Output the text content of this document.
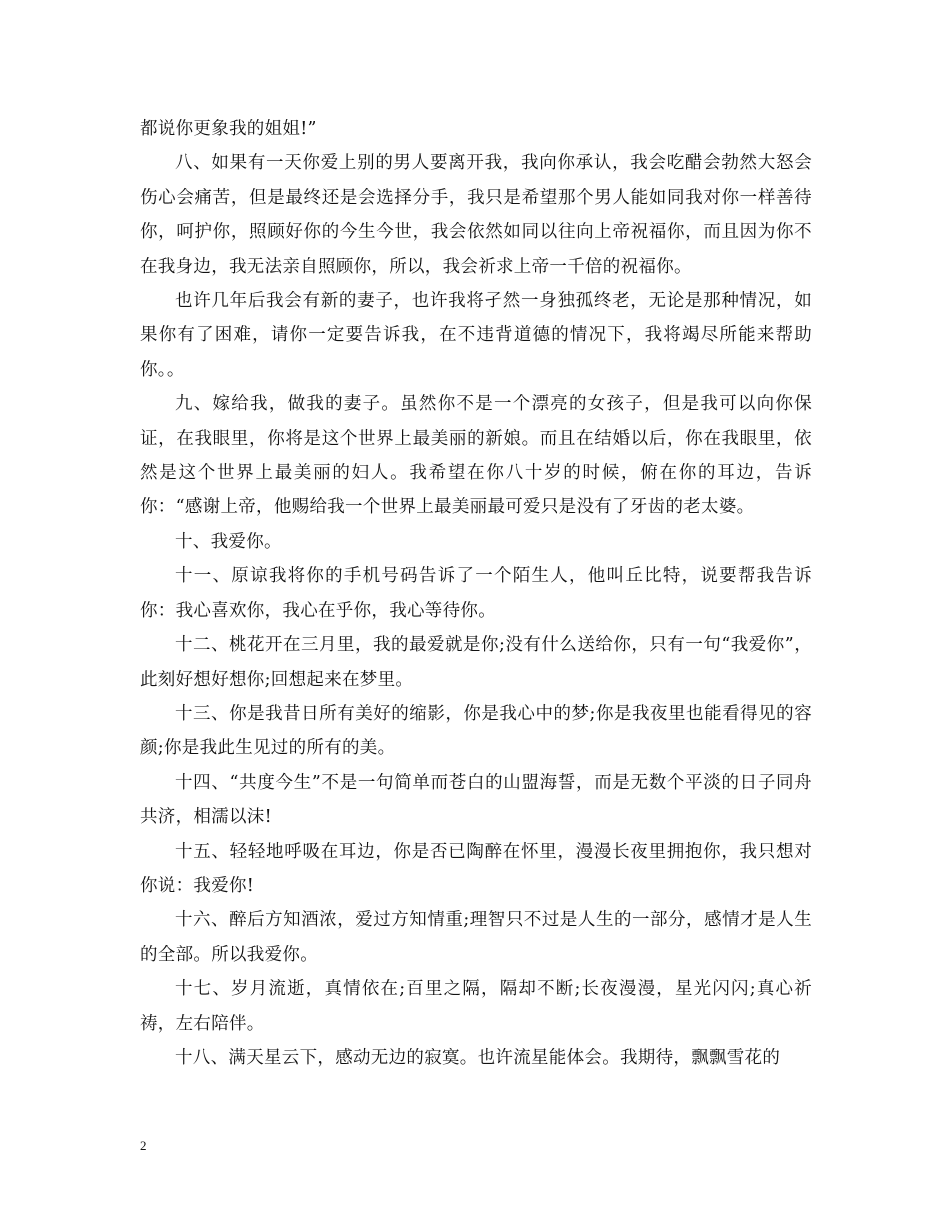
都说你更象我的姐姐!”

八、如果有一天你爱上别的男人要离开我，我向你承认，我会吃醋会勃然大怒会伤心会痛苦，但是最终还是会选择分手，我只是希望那个男人能如同我对你一样善待你，呵护你，照顾好你的今生今世，我会依然如同以往向上帝祝福你，而且因为你不在我身边，我无法亲自照顾你，所以，我会祈求上帝一千倍的祝福你。

也许几年后我会有新的妻子，也许我将孑然一身独孤终老，无论是那种情况，如果你有了困难，请你一定要告诉我，在不违背道德的情况下，我将竭尽所能来帮助你。。

九、嫁给我，做我的妻子。虽然你不是一个漂亮的女孩子，但是我可以向你保证，在我眼里，你将是这个世界上最美丽的新娘。而且在结婚以后，你在我眼里，依然是这个世界上最美丽的妇人。我希望在你八十岁的时候，俯在你的耳边，告诉你：“感谢上帝，他赐给我一个世界上最美丽最可爱只是没有了牙齿的老太婆。

十、我爱你。

十一、原谅我将你的手机号码告诉了一个陌生人，他叫丘比特，说要帮我告诉你：我心喜欢你，我心在乎你，我心等待你。

十二、桃花开在三月里，我的最爱就是你;没有什么送给你，只有一句“我爱你”，此刻好想好想你;回想起来在梦里。

十三、你是我昔日所有美好的缩影，你是我心中的梦;你是我夜里也能看得见的容颜;你是我此生见过的所有的美。

十四、“共度今生”不是一句简单而苍白的山盟海誓，而是无数个平淡的日子同舟共济，相濡以沫!

十五、轻轻地呼吸在耳边，你是否已陶醉在怀里，漫漫长夜里拥抱你，我只想对你说：我爱你!

十六、醉后方知酒浓，爱过方知情重;理智只不过是人生的一部分，感情才是人生的全部。所以我爱你。

十七、岁月流逝，真情依在;百里之隔，隔却不断;长夜漫漫，星光闪闪;真心祈祷，左右陪伴。

十八、满天星云下，感动无边的寂寞。也许流星能体会。我期待，飘飘雪花的

2
